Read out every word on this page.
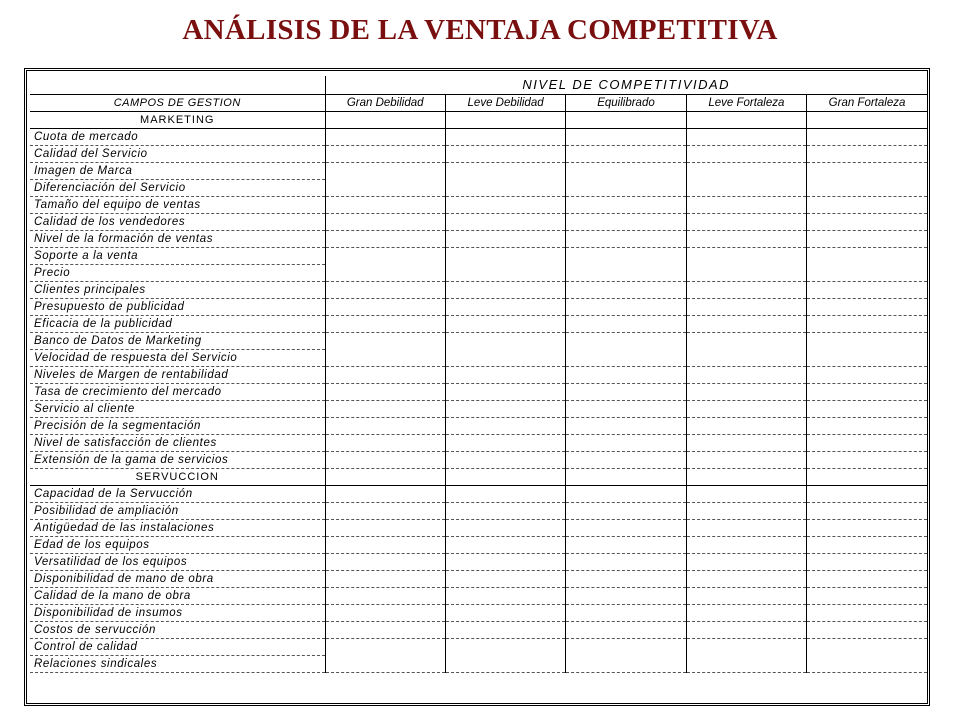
ANÁLISIS DE LA VENTAJA COMPETITIVA
	NIVEL DE COMPETITIVIDAD				
CAMPOS DE GESTION	Gran Debilidad	Leve Debilidad	Equilibrado	Leve Fortaleza	Gran Fortaleza
MARKETING					
Cuota de mercado					
Calidad del Servicio					
Imagen de Marca					
Diferenciación del Servicio					
Tamaño del equipo de ventas					
Calidad de los vendedores					
Nivel de la formación de ventas					
Soporte a la venta					
Precio					
Clientes principales					
Presupuesto de publicidad					
Eficacia de la publicidad					
Banco de Datos de Marketing					
Velocidad de respuesta del Servicio					
Niveles de Margen de rentabilidad					
Tasa de crecimiento del mercado					
Servicio al cliente					
Precisión de la segmentación					
Nivel de satisfacción de clientes					
Extensión de la gama de servicios					
SERVUCCION					
Capacidad de la Servucción					
Posibilidad de ampliación					
Antigüedad de las instalaciones					
Edad de los equipos					
Versatilidad de los equipos					
Disponibilidad de mano de obra					
Calidad de la mano de obra					
Disponibilidad de insumos					
Costos de servucción					
Control de calidad					
Relaciones sindicales					
